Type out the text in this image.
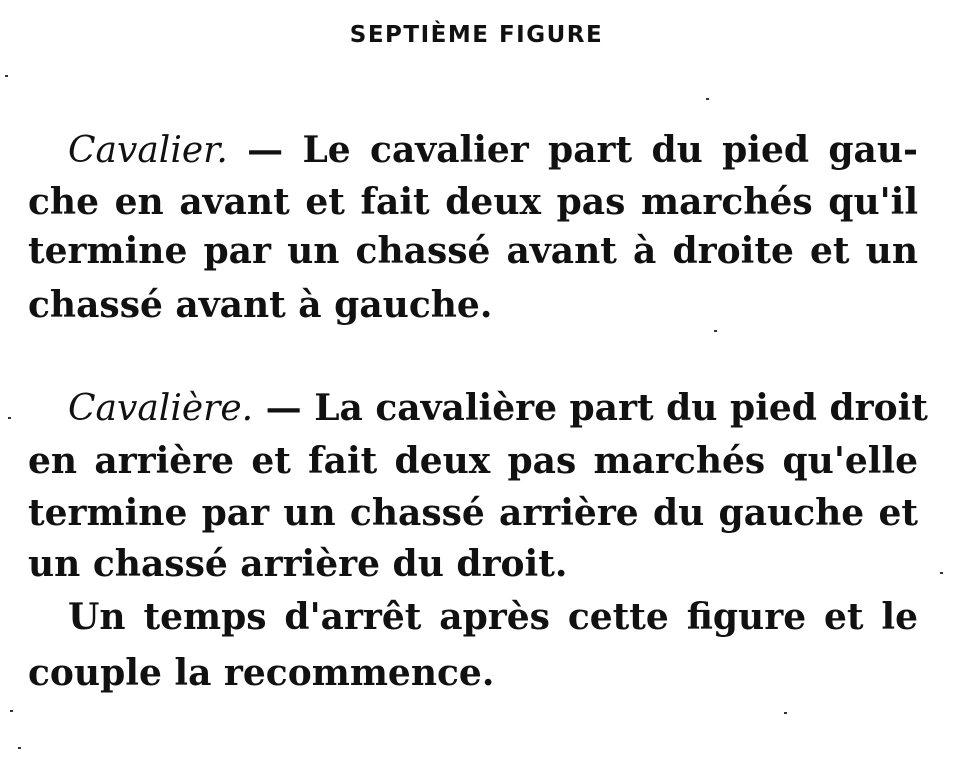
SEPTIÈME FIGURE
Cavalier. — Le cavalier part du pied gau-
che en avant et fait deux pas marchés qu'il
termine par un chassé avant à droite et un
chassé avant à gauche.
Cavalière. — La cavalière part du pied droit
en arrière et fait deux pas marchés qu'elle
termine par un chassé arrière du gauche et
un chassé arrière du droit.
Un temps d'arrêt après cette figure et le
couple la recommence.
